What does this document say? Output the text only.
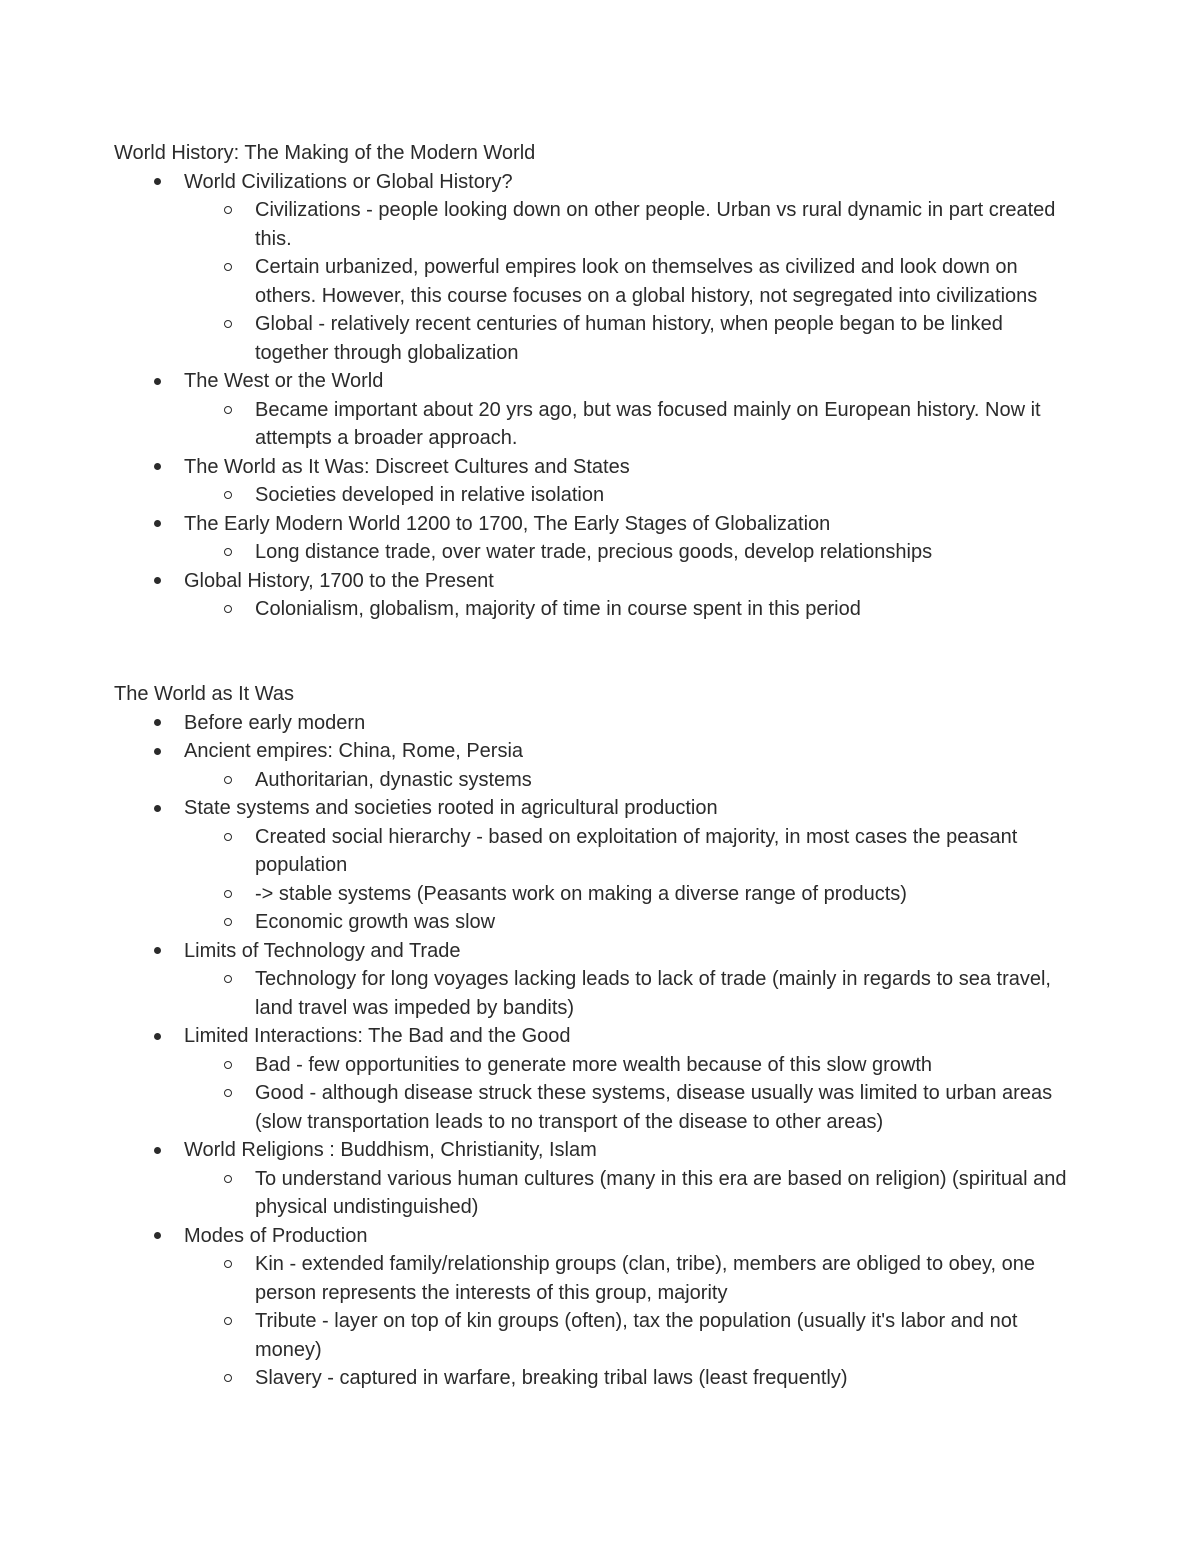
World History: The Making of the Modern World
World Civilizations or Global History?
Civilizations - people looking down on other people. Urban vs rural dynamic in part created this.
Certain urbanized, powerful empires look on themselves as civilized and look down on others. However, this course focuses on a global history, not segregated into civilizations
Global - relatively recent centuries of human history, when people began to be linked together through globalization
The West or the World
Became important about 20 yrs ago, but was focused mainly on European history. Now it attempts a broader approach.
The World as It Was: Discreet Cultures and States
Societies developed in relative isolation
The Early Modern World 1200 to 1700, The Early Stages of Globalization
Long distance trade, over water trade, precious goods, develop relationships
Global History, 1700 to the Present
Colonialism, globalism, majority of time in course spent in this period
The World as It Was
Before early modern
Ancient empires: China, Rome, Persia
Authoritarian, dynastic systems
State systems and societies rooted in agricultural production
Created social hierarchy - based on exploitation of majority, in most cases the peasant population
-> stable systems (Peasants work on making a diverse range of products)
Economic growth was slow
Limits of Technology and Trade
Technology for long voyages lacking leads to lack of trade (mainly in regards to sea travel, land travel was impeded by bandits)
Limited Interactions: The Bad and the Good
Bad - few opportunities to generate more wealth because of this slow growth
Good - although disease struck these systems, disease usually was limited to urban areas (slow transportation leads to no transport of the disease to other areas)
World Religions : Buddhism, Christianity, Islam
To understand various human cultures (many in this era are based on religion) (spiritual and physical undistinguished)
Modes of Production
Kin - extended family/relationship groups (clan, tribe), members are obliged to obey, one person represents the interests of this group, majority
Tribute - layer on top of kin groups (often), tax the population (usually it's labor and not money)
Slavery - captured in warfare, breaking tribal laws (least frequently)
